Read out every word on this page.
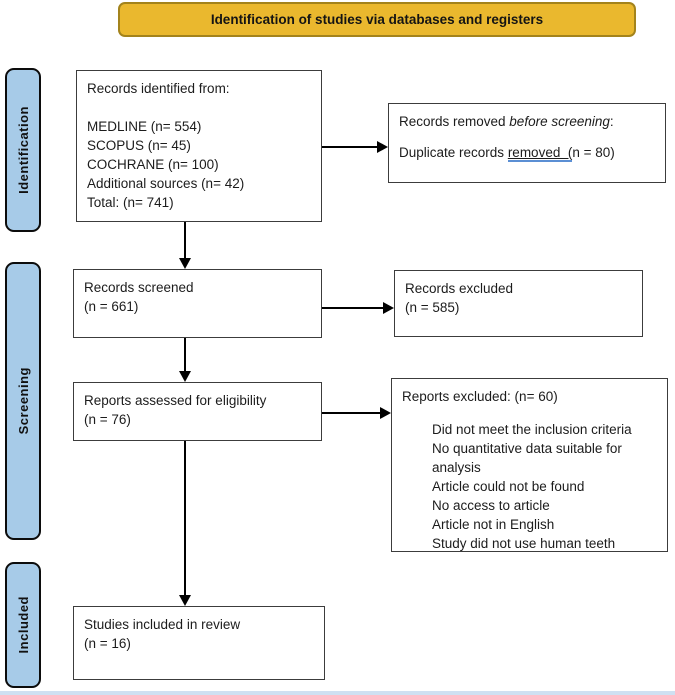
Identification of studies via databases and registers
Identification
Screening
Included
Records identified from:
MEDLINE (n= 554)
SCOPUS (n= 45)
COCHRANE (n= 100)
Additional sources (n= 42)
Total: (n= 741)
Records removed before screening:
Duplicate records removed  (n = 80)
Records screened
(n = 661)
Records excluded
(n = 585)
Reports assessed for eligibility
(n = 76)
Reports excluded: (n= 60)
Did not meet the inclusion criteria
No quantitative data suitable for analysis
Article could not be found
No access to article
Article not in English
Study did not use human teeth
Studies included in review
(n = 16)
